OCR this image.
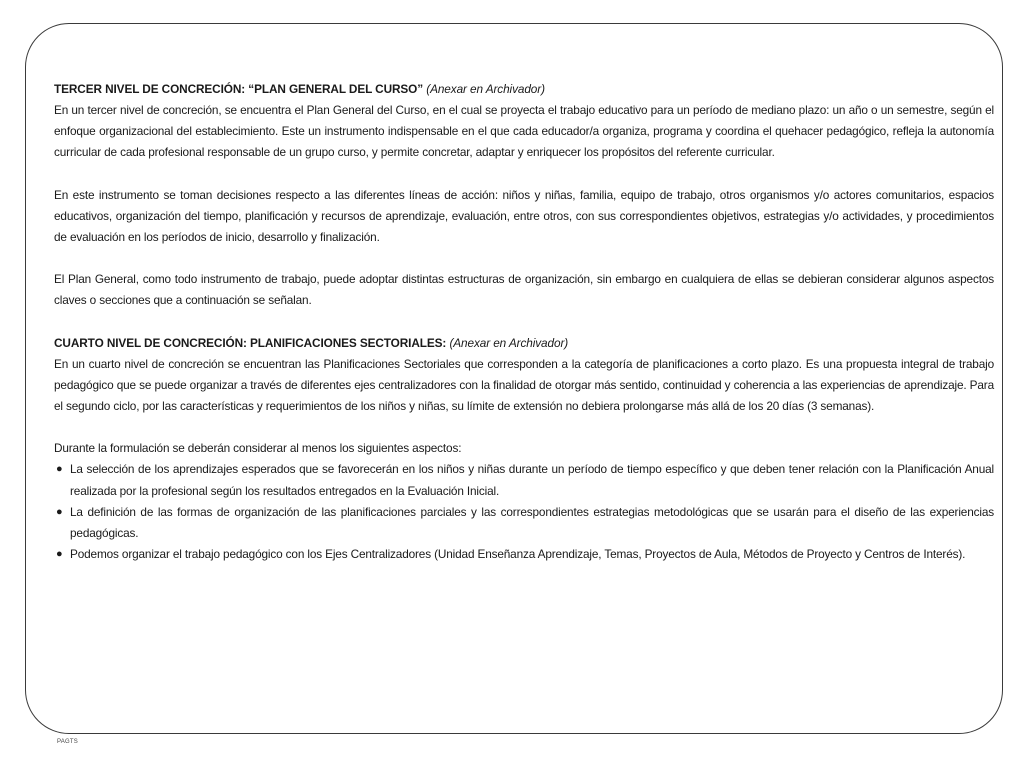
TERCER NIVEL DE CONCRECIÓN: “PLAN GENERAL DEL CURSO” (Anexar en Archivador)

En un tercer nivel de concreción, se encuentra el Plan General del Curso, en el cual se proyecta el trabajo educativo para un período de mediano plazo: un año o un semestre, según el enfoque organizacional del establecimiento. Este un instrumento indispensable en el que cada educador/a organiza, programa y coordina el quehacer pedagógico, refleja la autonomía curricular de cada profesional responsable de un grupo curso, y permite concretar, adaptar y enriquecer los propósitos del referente curricular.

En este instrumento se toman decisiones respecto a las diferentes líneas de acción: niños y niñas, familia, equipo de trabajo, otros organismos y/o actores comunitarios, espacios educativos, organización del tiempo, planificación y recursos de aprendizaje, evaluación, entre otros, con sus correspondientes objetivos, estrategias y/o actividades, y procedimientos de evaluación en los períodos de inicio, desarrollo y finalización.

El Plan General, como todo instrumento de trabajo, puede adoptar distintas estructuras de organización, sin embargo en cualquiera de ellas se debieran considerar algunos aspectos claves o secciones que a continuación se señalan.

CUARTO NIVEL DE CONCRECIÓN: PLANIFICACIONES SECTORIALES: (Anexar en Archivador)

En un cuarto nivel de concreción se encuentran las Planificaciones Sectoriales que corresponden a la categoría de planificaciones a corto plazo. Es una propuesta integral de trabajo pedagógico que se puede organizar a través de diferentes ejes centralizadores con la finalidad de otorgar más sentido, continuidad y coherencia a las experiencias de aprendizaje. Para el segundo ciclo, por las características y requerimientos de los niños y niñas, su límite de extensión no debiera prolongarse más allá de los 20 días (3 semanas).

Durante la formulación se deberán considerar al menos los siguientes aspectos:

● La selección de los aprendizajes esperados que se favorecerán en los niños y niñas durante un período de tiempo específico y que deben tener relación con la Planificación Anual realizada por la profesional según los resultados entregados en la Evaluación Inicial.
● La definición de las formas de organización de las planificaciones parciales y las correspondientes estrategias metodológicas que se usarán para el diseño de las experiencias pedagógicas.
● Podemos organizar el trabajo pedagógico con los Ejes Centralizadores (Unidad Enseñanza Aprendizaje, Temas, Proyectos de Aula, Métodos de Proyecto y Centros de Interés).
PAGTS
